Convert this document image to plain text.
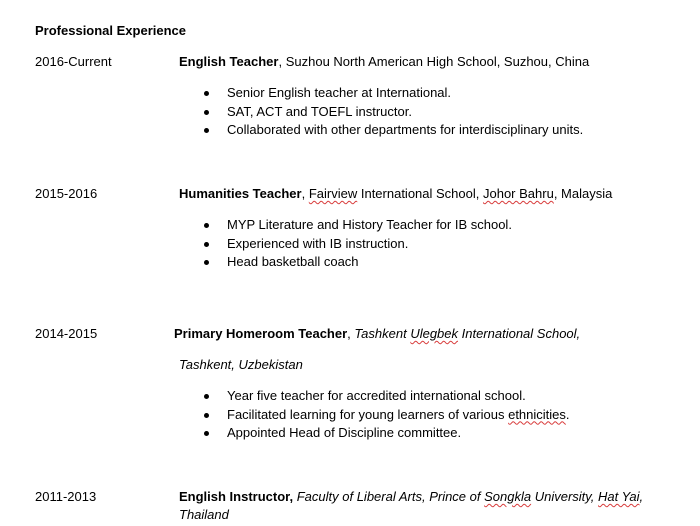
Professional Experience
2016-Current	English Teacher, Suzhou North American High School, Suzhou, China
Senior English teacher at International.
SAT, ACT and TOEFL instructor.
Collaborated with other departments for interdisciplinary units.
2015-2016	Humanities Teacher, Fairview International School, Johor Bahru, Malaysia
MYP Literature and History Teacher for IB school.
Experienced with IB instruction.
Head basketball coach
2014-2015	Primary Homeroom Teacher, Tashkent Ulegbek International School,
Tashkent, Uzbekistan
Year five teacher for accredited international school.
Facilitated learning for young learners of various ethnicities.
Appointed Head of Discipline committee.
2011-2013	English Instructor, Faculty of Liberal Arts, Prince of Songkla University, Hat Yai,
Thailand
